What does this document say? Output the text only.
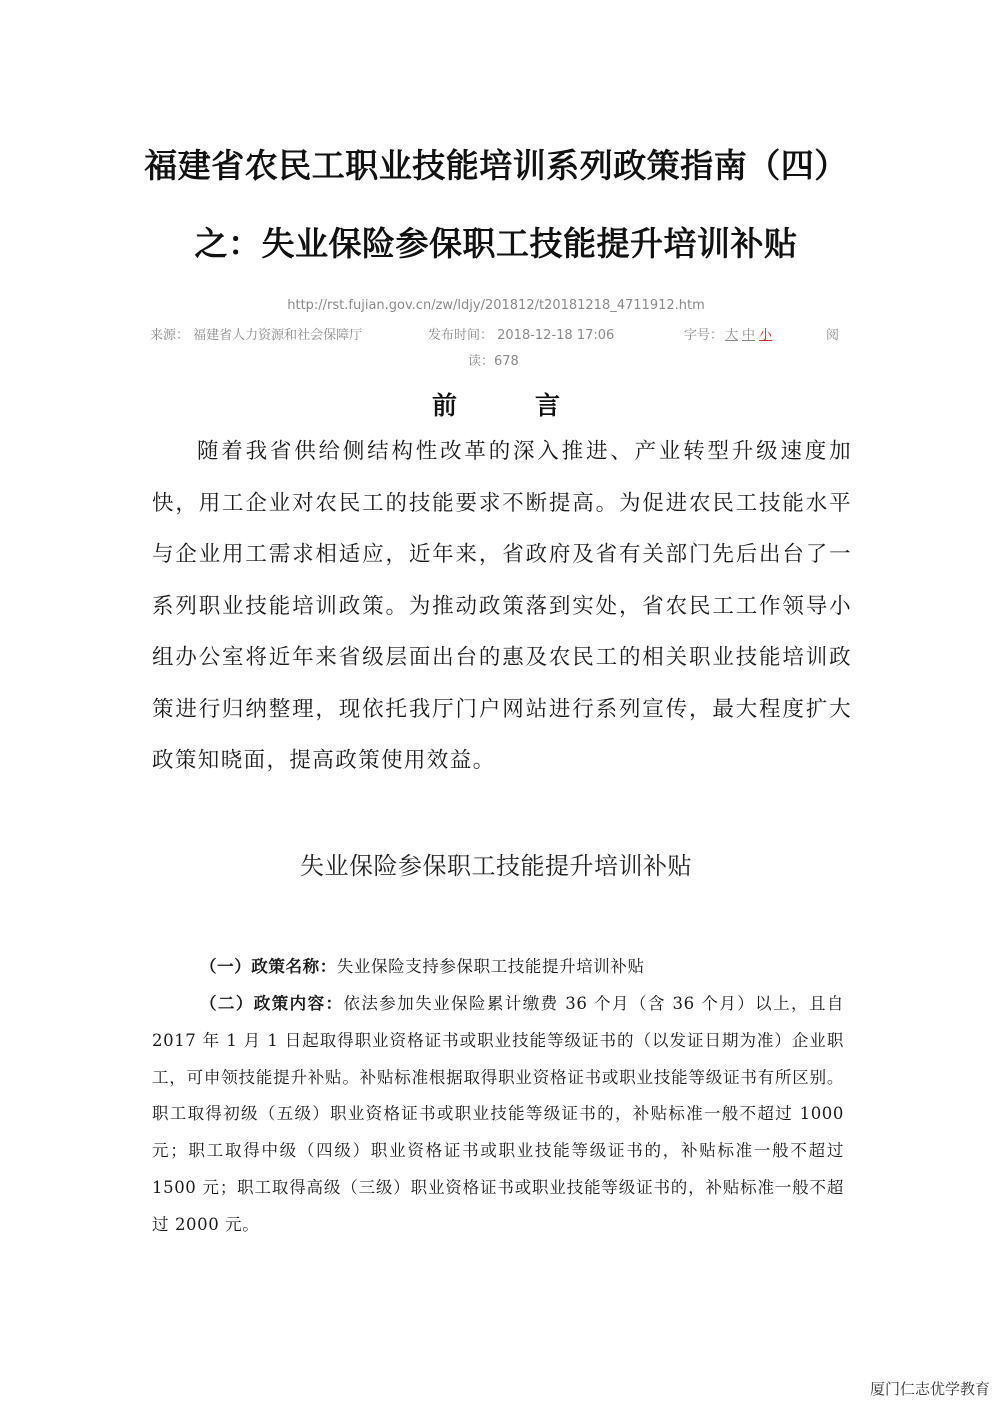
福建省农民工职业技能培训系列政策指南（四）
之：失业保险参保职工技能提升培训补贴
http://rst.fujian.gov.cn/zw/ldjy/201812/t20181218_4711912.htm
来源： 福建省人力资源和社会保障厅	发布时间： 2018-12-18 17:06	字号： 大 中 小	阅
读：678
前言

随着我省供给侧结构性改革的深入推进、产业转型升级速度加快，用工企业对农民工的技能要求不断提高。为促进农民工技能水平与企业用工需求相适应，近年来，省政府及省有关部门先后出台了一系列职业技能培训政策。为推动政策落到实处，省农民工工作领导小组办公室将近年来省级层面出台的惠及农民工的相关职业技能培训政策进行归纳整理，现依托我厅门户网站进行系列宣传，最大程度扩大政策知晓面，提高政策使用效益。

失业保险参保职工技能提升培训补贴

（一）政策名称：失业保险支持参保职工技能提升培训补贴

（二）政策内容：依法参加失业保险累计缴费 36 个月（含 36 个月）以上，且自 2017 年 1 月 1 日起取得职业资格证书或职业技能等级证书的（以发证日期为准）企业职工，可申领技能提升补贴。补贴标准根据取得职业资格证书或职业技能等级证书有所区别。职工取得初级（五级）职业资格证书或职业技能等级证书的，补贴标准一般不超过 1000 元；职工取得中级（四级）职业资格证书或职业技能等级证书的，补贴标准一般不超过 1500 元；职工取得高级（三级）职业资格证书或职业技能等级证书的，补贴标准一般不超过 2000 元。

厦门仁志优学教育
